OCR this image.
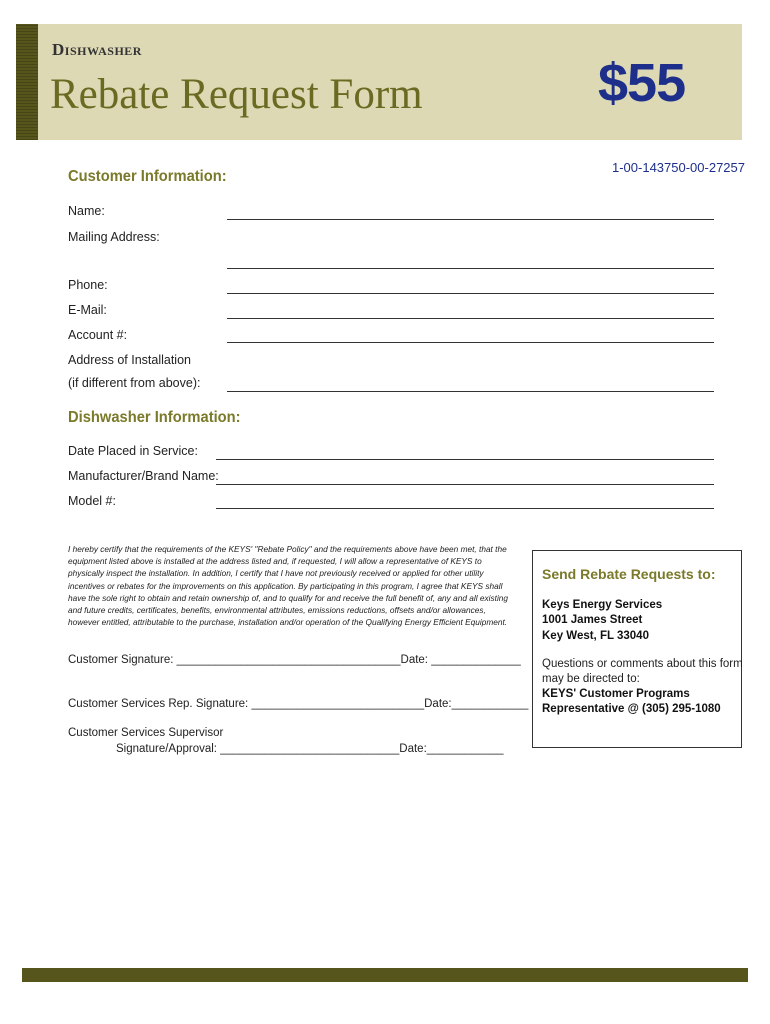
Dishwasher
Rebate Request Form	$55
1-00-143750-00-27257
Customer Information:
Name:
Mailing Address:
Phone:
E-Mail:
Account #:
Address of Installation
(if different from above):
Dishwasher Information:
Date Placed in Service:
Manufacturer/Brand Name:
Model #:
I hereby certify that the requirements of the KEYS' "Rebate Policy" and the requirements above have been met, that the equipment listed above is installed at the address listed and, if requested, I will allow a representative of KEYS to physically inspect the installation. In addition, I certify that I have not previously received or applied for other utility incentives or rebates for the improvements on this application. By participating in this program, I agree that KEYS shall have the sole right to obtain and retain ownership of, and to qualify for and receive the full benefit of, any and all existing and future credits, certificates, benefits, environmental attributes, emissions reductions, offsets and/or allowances, however entitled, attributable to the purchase, installation and/or operation of the Qualifying Energy Efficient Equipment.
Customer Signature: ___________________________________Date: ______________
Customer Services Rep. Signature: ___________________________Date:____________
Customer Services Supervisor
Signature/Approval: ____________________________Date:____________
Send Rebate Requests to:
Keys Energy Services
1001 James Street
Key West, FL 33040
Questions or comments about this form
may be directed to:
KEYS' Customer Programs
Representative @ (305) 295-1080
